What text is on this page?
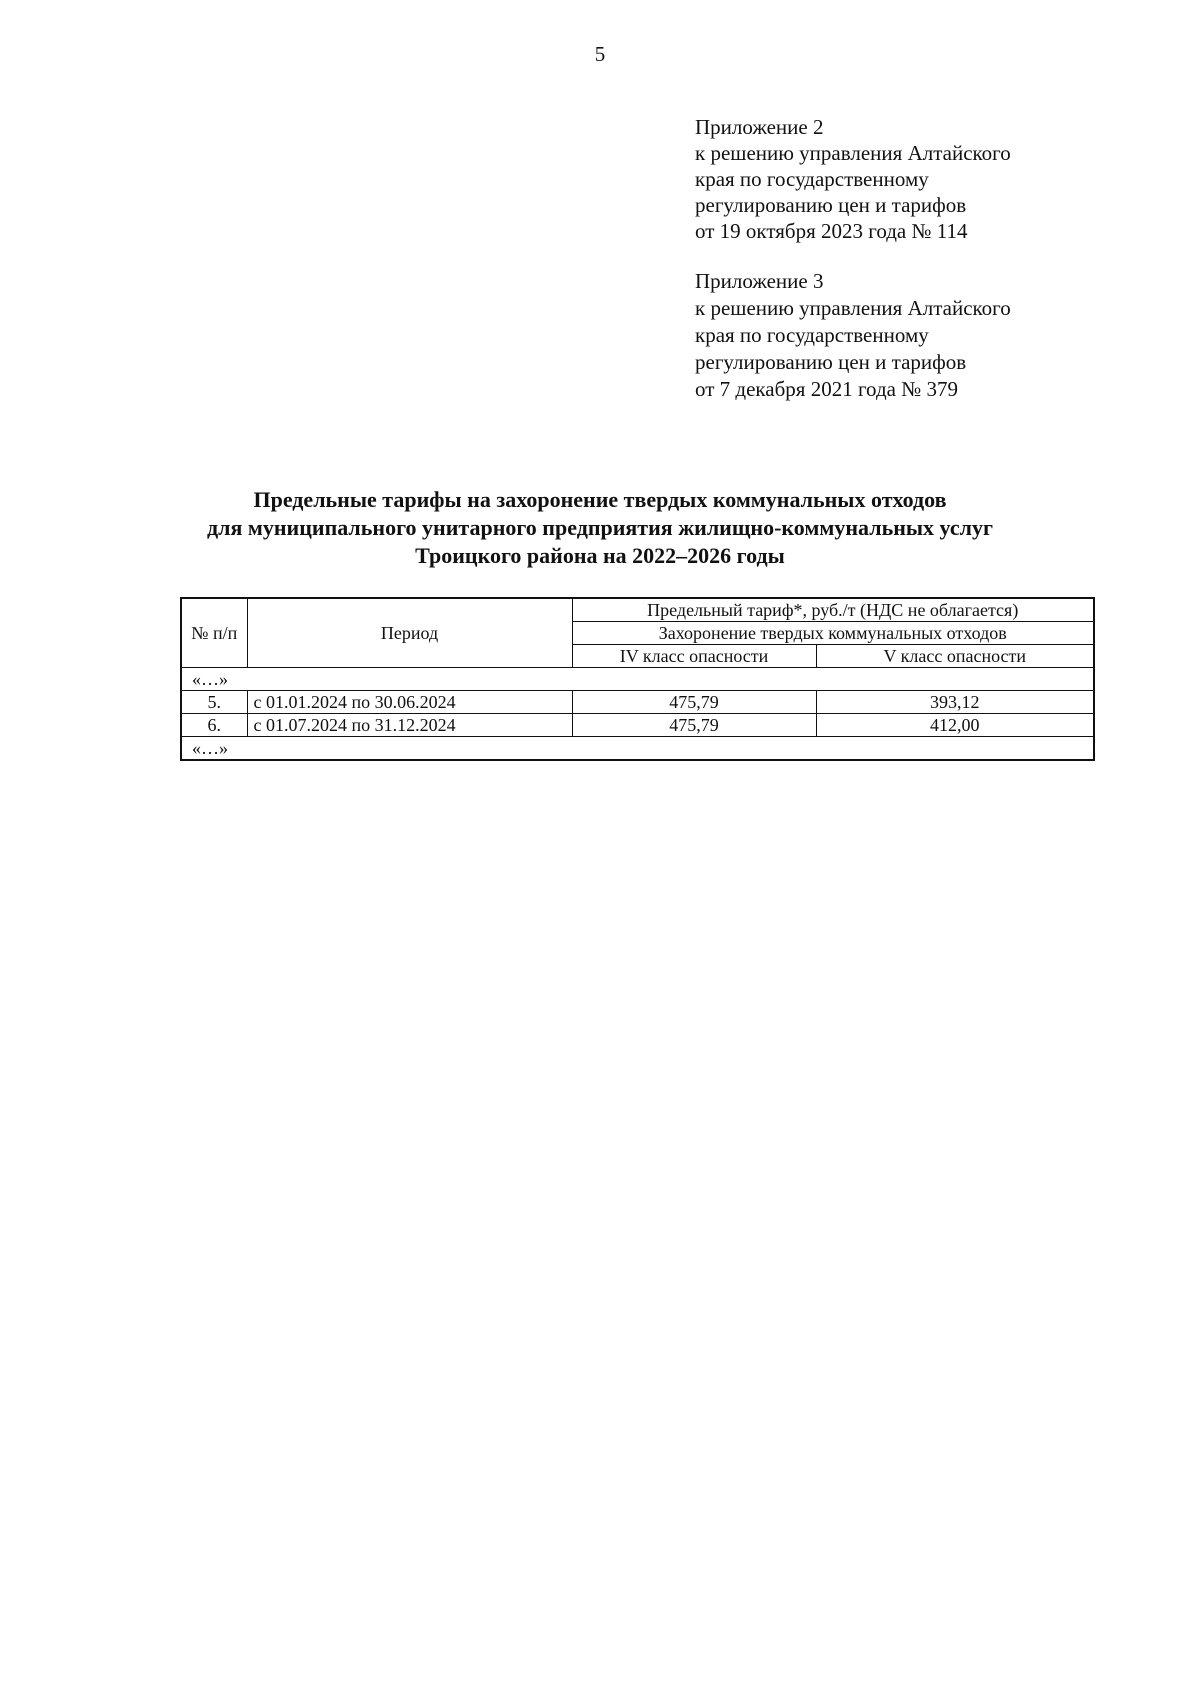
5
Приложение 2
к решению управления Алтайского
края по государственному
регулированию цен и тарифов
от 19 октября 2023 года № 114
Приложение 3
к решению управления Алтайского
края по государственному
регулированию цен и тарифов
от 7 декабря 2021 года № 379
Предельные тарифы на захоронение твердых коммунальных отходов
для муниципального унитарного предприятия жилищно-коммунальных услуг
Троицкого района на 2022–2026 годы
№ п/п	Период	Предельный тариф*, руб./т (НДС не облагается)	
		Захоронение твердых коммунальных отходов	
		IV класс опасности	V класс опасности
«…»			
5.	с 01.01.2024 по 30.06.2024	475,79	393,12
6.	с 01.07.2024 по 31.12.2024	475,79	412,00
«…»			
